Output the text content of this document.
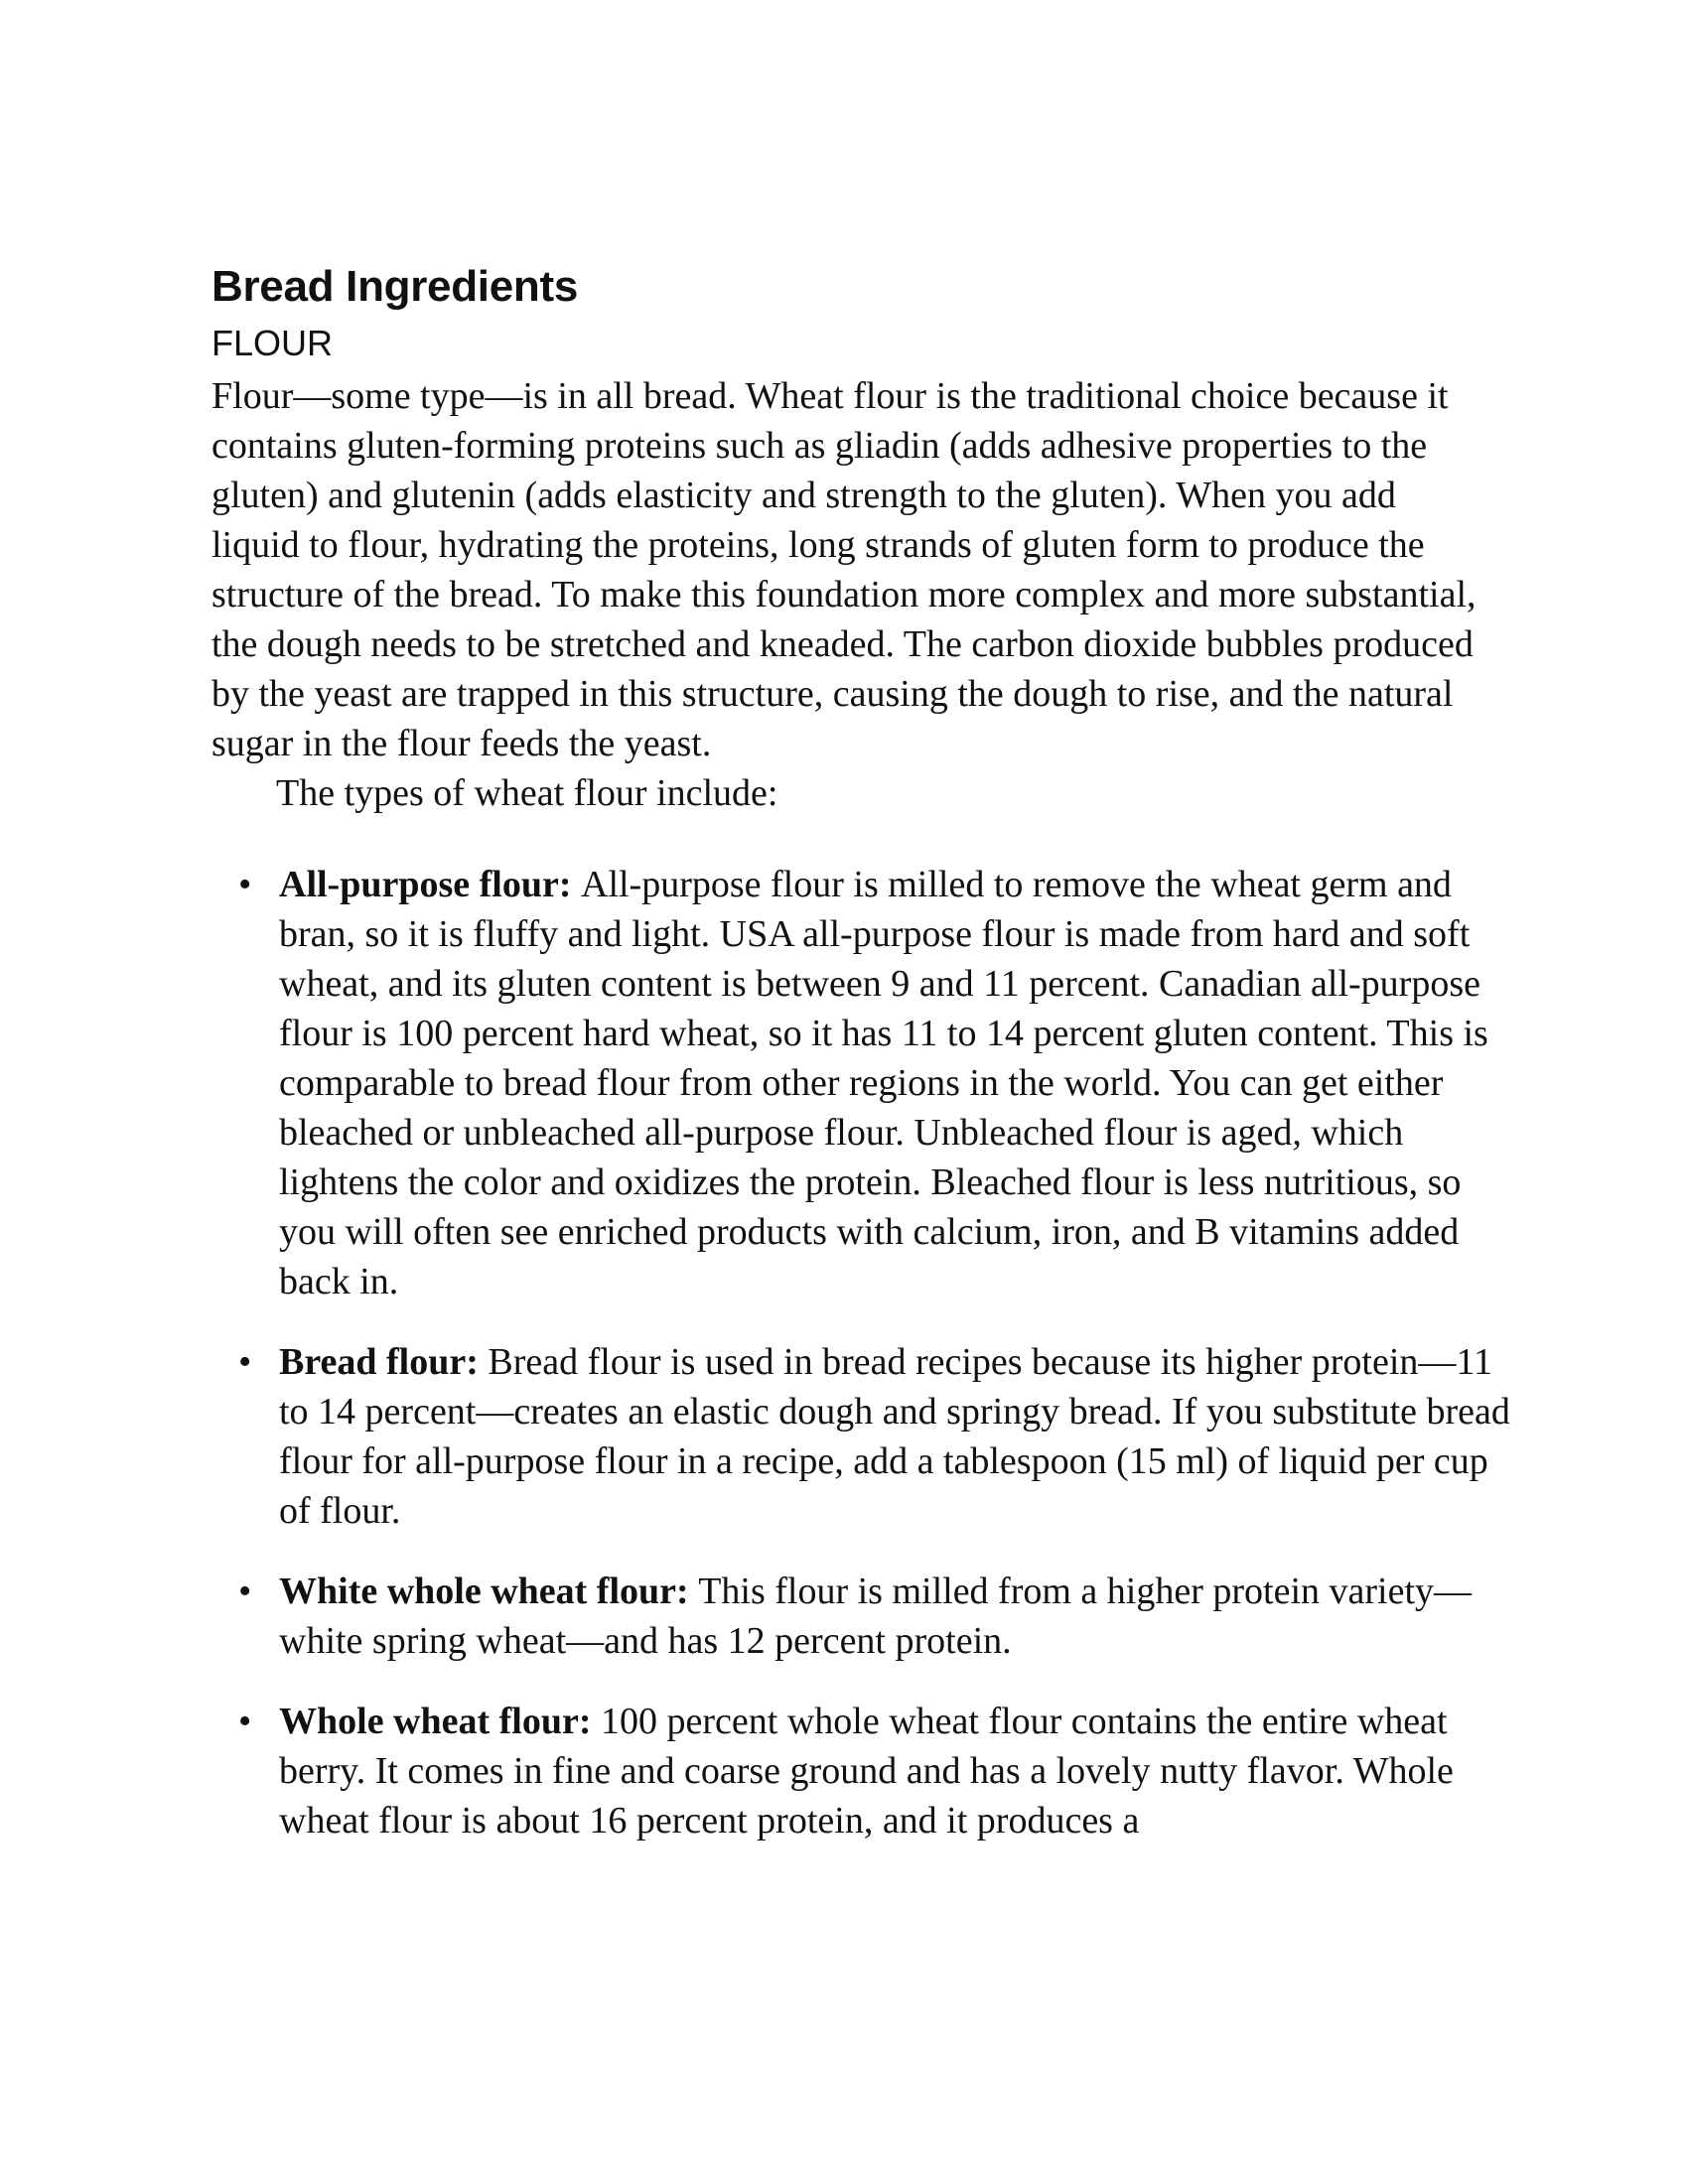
Bread Ingredients
FLOUR

Flour—some type—is in all bread. Wheat flour is the traditional choice because it contains gluten-forming proteins such as gliadin (adds adhesive properties to the gluten) and glutenin (adds elasticity and strength to the gluten). When you add liquid to flour, hydrating the proteins, long strands of gluten form to produce the structure of the bread. To make this foundation more complex and more substantial, the dough needs to be stretched and kneaded. The carbon dioxide bubbles produced by the yeast are trapped in this structure, causing the dough to rise, and the natural sugar in the flour feeds the yeast.

The types of wheat flour include:

• All-purpose flour: All-purpose flour is milled to remove the wheat germ and bran, so it is fluffy and light. USA all-purpose flour is made from hard and soft wheat, and its gluten content is between 9 and 11 percent. Canadian all-purpose flour is 100 percent hard wheat, so it has 11 to 14 percent gluten content. This is comparable to bread flour from other regions in the world. You can get either bleached or unbleached all-purpose flour. Unbleached flour is aged, which lightens the color and oxidizes the protein. Bleached flour is less nutritious, so you will often see enriched products with calcium, iron, and B vitamins added back in.
• Bread flour: Bread flour is used in bread recipes because its higher protein—11 to 14 percent—creates an elastic dough and springy bread. If you substitute bread flour for all-purpose flour in a recipe, add a tablespoon (15 ml) of liquid per cup of flour.
• White whole wheat flour: This flour is milled from a higher protein variety—white spring wheat—and has 12 percent protein.
• Whole wheat flour: 100 percent whole wheat flour contains the entire wheat berry. It comes in fine and coarse ground and has a lovely nutty flavor. Whole wheat flour is about 16 percent protein, and it produces a
